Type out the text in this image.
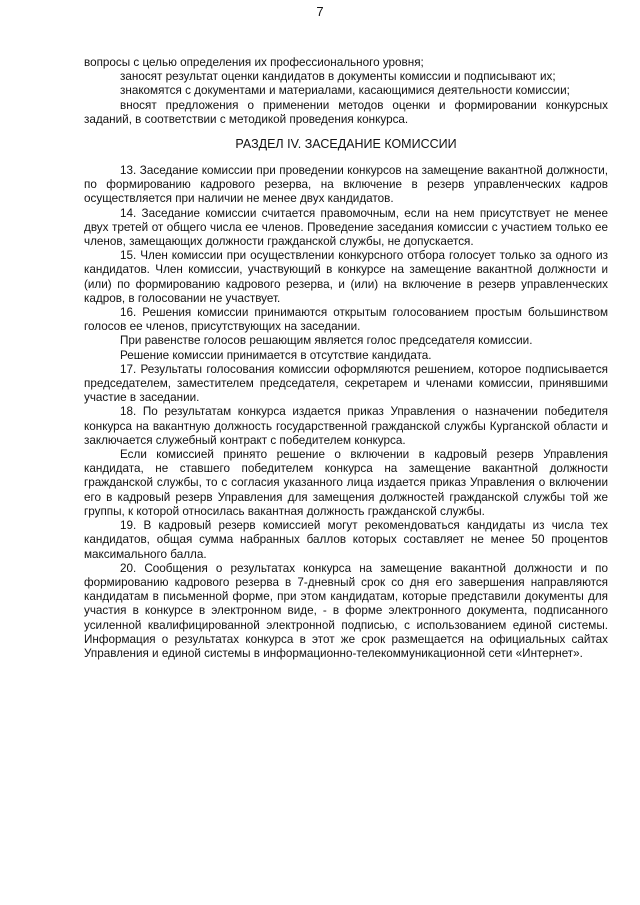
7

вопросы с целью определения их профессионального уровня;

заносят результат оценки кандидатов в документы комиссии и подписывают их;

знакомятся с документами и материалами, касающимися деятельности комиссии;

вносят предложения о применении методов оценки и формировании конкурсных заданий, в соответствии с методикой проведения конкурса.

РАЗДЕЛ IV. ЗАСЕДАНИЕ КОМИССИИ

13. Заседание комиссии при проведении конкурсов на замещение вакантной должности, по формированию кадрового резерва, на включение в резерв управленческих кадров осуществляется при наличии не менее двух кандидатов.

14. Заседание комиссии считается правомочным, если на нем присутствует не менее двух третей от общего числа ее членов. Проведение заседания комиссии с участием только ее членов, замещающих должности гражданской службы, не допускается.

15. Член комиссии при осуществлении конкурсного отбора голосует только за одного из кандидатов. Член комиссии, участвующий в конкурсе на замещение вакантной должности и (или) по формированию кадрового резерва, и (или) на включение в резерв управленческих кадров, в голосовании не участвует.

16. Решения комиссии принимаются открытым голосованием простым большинством голосов ее членов, присутствующих на заседании.

При равенстве голосов решающим является голос председателя комиссии.

Решение комиссии принимается в отсутствие кандидата.

17. Результаты голосования комиссии оформляются решением, которое подписывается председателем, заместителем председателя, секретарем и членами комиссии, принявшими участие в заседании.

18. По результатам конкурса издается приказ Управления о назначении победителя конкурса на вакантную должность государственной гражданской службы Курганской области и заключается служебный контракт с победителем конкурса.

Если комиссией принято решение о включении в кадровый резерв Управления кандидата, не ставшего победителем конкурса на замещение вакантной должности гражданской службы, то с согласия указанного лица издается приказ Управления о включении его в кадровый резерв Управления для замещения должностей гражданской службы той же группы, к которой относилась вакантная должность гражданской службы.

19. В кадровый резерв комиссией могут рекомендоваться кандидаты из числа тех кандидатов, общая сумма набранных баллов которых составляет не менее 50 процентов максимального балла.

20. Сообщения о результатах конкурса на замещение вакантной должности и по формированию кадрового резерва в 7-дневный срок со дня его завершения направляются кандидатам в письменной форме, при этом кандидатам, которые представили документы для участия в конкурсе в электронном виде, - в форме электронного документа, подписанного усиленной квалифицированной электронной подписью, с использованием единой системы. Информация о результатах конкурса в этот же срок размещается на официальных сайтах Управления и единой системы в информационно-телекоммуникационной сети «Интернет».
